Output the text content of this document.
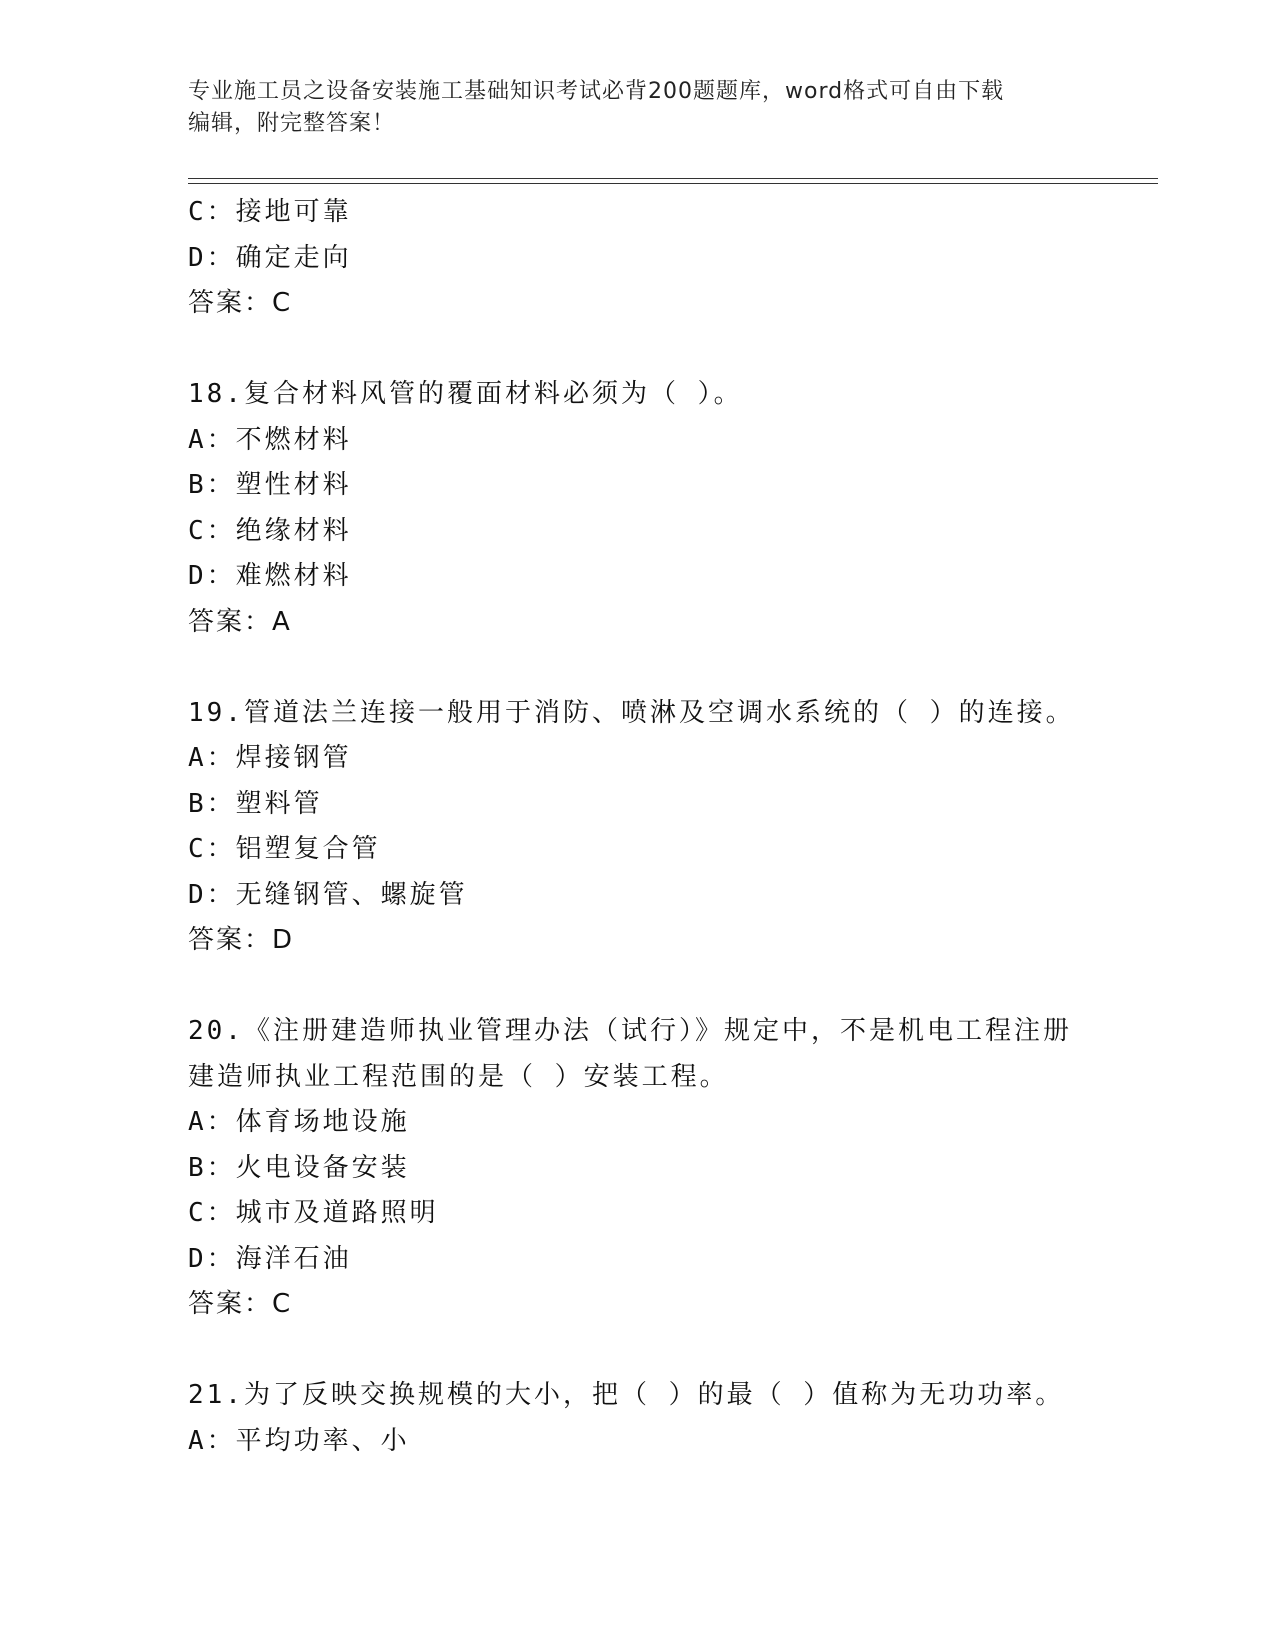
专业施工员之设备安装施工基础知识考试必背200题题库，word格式可自由下载
编辑，附完整答案！
C：接地可靠
D：确定走向
答案：C
18.复合材料风管的覆面材料必须为（ ）。
A：不燃材料
B：塑性材料
C：绝缘材料
D：难燃材料
答案：A
19.管道法兰连接一般用于消防、喷淋及空调水系统的（ ）的连接。
A：焊接钢管
B：塑料管
C：铝塑复合管
D：无缝钢管、螺旋管
答案：D
20.《注册建造师执业管理办法（试行）》规定中，不是机电工程注册
建造师执业工程范围的是（ ）安装工程。
A：体育场地设施
B：火电设备安装
C：城市及道路照明
D：海洋石油
答案：C
21.为了反映交换规模的大小，把（ ）的最（ ）值称为无功功率。
A：平均功率、小
